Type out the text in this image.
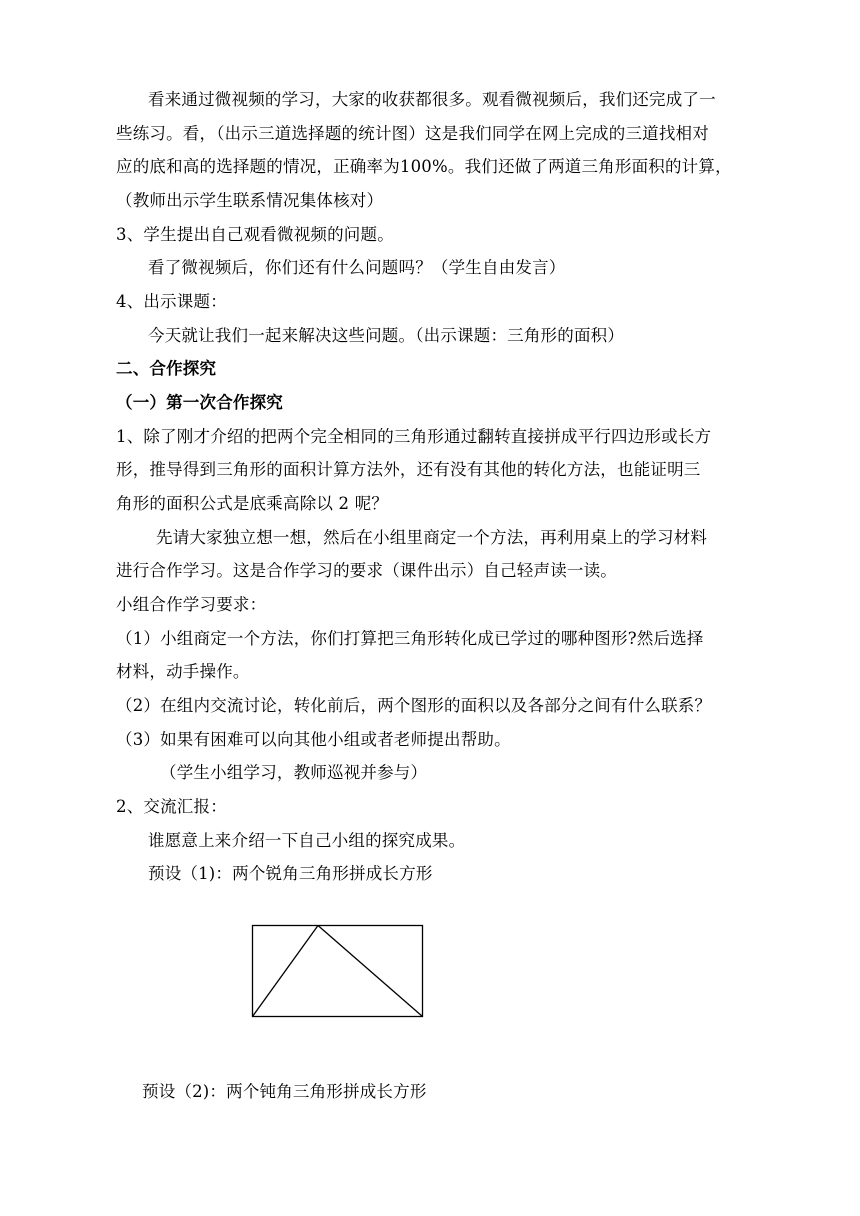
看来通过微视频的学习，大家的收获都很多。观看微视频后，我们还完成了一
些练习。看，（出示三道选择题的统计图）这是我们同学在网上完成的三道找相对
应的底和高的选择题的情况，正确率为100%。我们还做了两道三角形面积的计算，
（教师出示学生联系情况集体核对）
3、学生提出自己观看微视频的问题。
看了微视频后，你们还有什么问题吗？（学生自由发言）
4、出示课题：
今天就让我们一起来解决这些问题。（出示课题：三角形的面积）
二、合作探究
（一）第一次合作探究
1、除了刚才介绍的把两个完全相同的三角形通过翻转直接拼成平行四边形或长方
形，推导得到三角形的面积计算方法外，还有没有其他的转化方法，也能证明三
角形的面积公式是底乘高除以 2 呢？
先请大家独立想一想，然后在小组里商定一个方法，再利用桌上的学习材料
进行合作学习。这是合作学习的要求（课件出示）自己轻声读一读。
小组合作学习要求：
（1）小组商定一个方法，你们打算把三角形转化成已学过的哪种图形?然后选择
材料，动手操作。
（2）在组内交流讨论，转化前后，两个图形的面积以及各部分之间有什么联系？
（3）如果有困难可以向其他小组或者老师提出帮助。
（学生小组学习，教师巡视并参与）
2、交流汇报：
谁愿意上来介绍一下自己小组的探究成果。
预设（1)：两个锐角三角形拼成长方形
预设（2)：两个钝角三角形拼成长方形
